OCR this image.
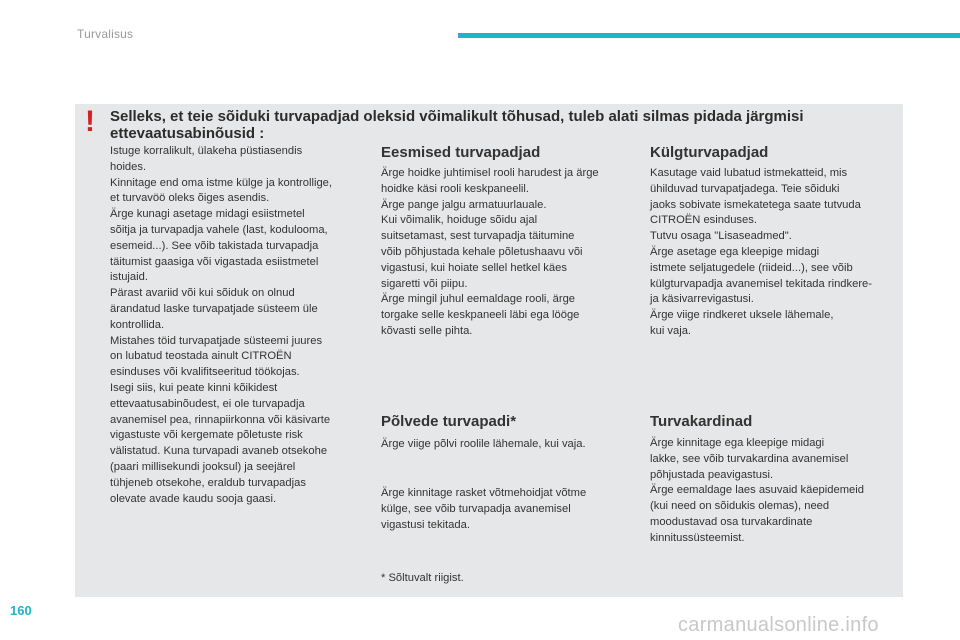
Turvalisus
! Selleks, et teie sõiduki turvapadjad oleksid võimalikult tõhusad, tuleb alati silmas pidada järgmisi ettevaatusabinõusid :

Istuge korralikult, ülakeha püstiasendis
hoides.
Kinnitage end oma istme külge ja kontrollige,
et turvavöö oleks õiges asendis.
Ärge kunagi asetage midagi esiistmetel
sõitja ja turvapadja vahele (last, kodulooma,
esemeid...). See võib takistada turvapadja
täitumist gaasiga või vigastada esiistmetel
istujaid.
Pärast avariid või kui sõiduk on olnud
ärandatud laske turvapatjade süsteem üle
kontrollida.
Mistahes töid turvapatjade süsteemi juures
on lubatud teostada ainult CITROËN
esinduses või kvalifitseeritud töökojas.
Isegi siis, kui peate kinni kõikidest
ettevaatusabinõudest, ei ole turvapadja
avanemisel pea, rinnapiirkonna või käsivarte
vigastuste või kergemate põletuste risk
välistatud. Kuna turvapadi avaneb otsekohe
(paari millisekundi jooksul) ja seejärel
tühjeneb otsekohe, eraldub turvapadjas
olevate avade kaudu sooja gaasi.

Eesmised turvapadjad

Ärge hoidke juhtimisel rooli harudest ja ärge
hoidke käsi rooli keskpaneelil.
Ärge pange jalgu armatuurlauale.
Kui võimalik, hoiduge sõidu ajal
suitsetamast, sest turvapadja täitumine
võib põhjustada kehale põletushaavu või
vigastusi, kui hoiate sellel hetkel käes
sigaretti või piipu.
Ärge mingil juhul eemaldage rooli, ärge
torgake selle keskpaneeli läbi ega lööge
kõvasti selle pihta.

Põlvede turvapadi*

Ärge viige põlvi roolile lähemale, kui vaja.

Ärge kinnitage rasket võtmehoidjat võtme
külge, see võib turvapadja avanemisel
vigastusi tekitada.

* Sõltuvalt riigist.

Külgturvapadjad

Kasutage vaid lubatud istmekatteid, mis
ühilduvad turvapatjadega. Teie sõiduki
jaoks sobivate ismekatetega saate tutvuda
CITROËN esinduses.
Tutvu osaga "Lisaseadmed".
Ärge asetage ega kleepige midagi
istmete seljatugedele (riideid...), see võib
külgturvapadja avanemisel tekitada rindkere-
ja käsivarrevigastusi.
Ärge viige rindkeret uksele lähemale,
kui vaja.

Turvakardinad

Ärge kinnitage ega kleepige midagi
lakke, see võib turvakardina avanemisel
põhjustada peavigastusi.
Ärge eemaldage laes asuvaid käepidemeid
(kui need on sõidukis olemas), need
moodustavad osa turvakardinate
kinnitussüsteemist.

160
carmanualsonline.info
